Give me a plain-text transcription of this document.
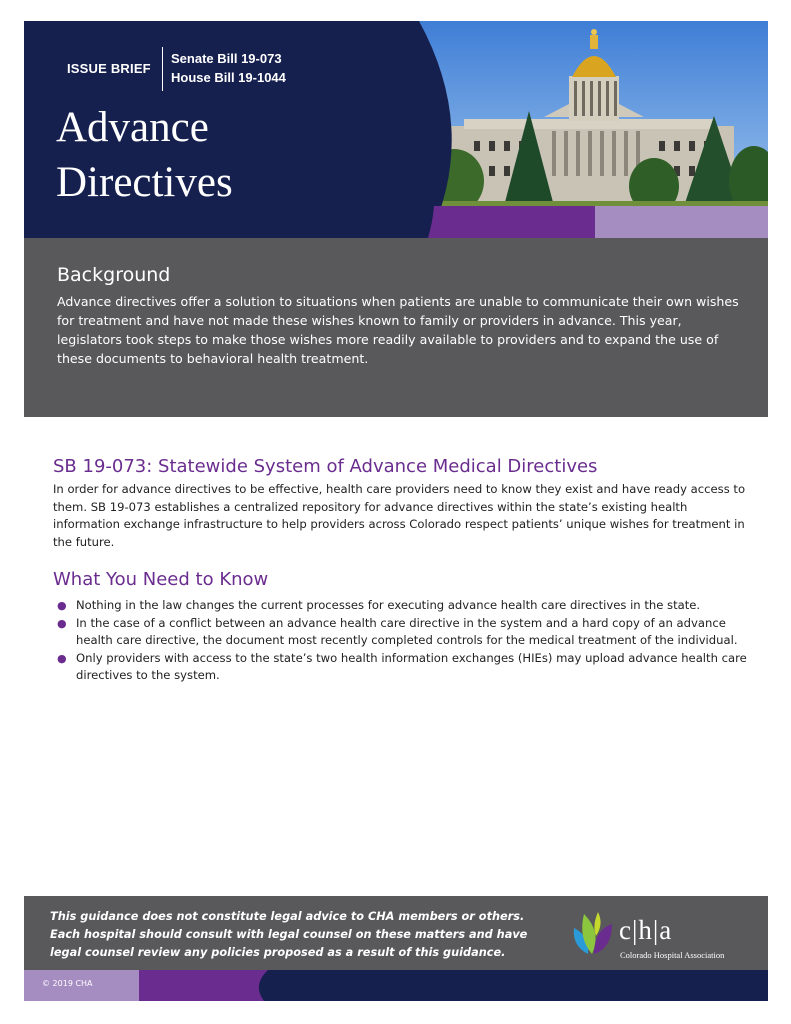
ISSUE BRIEF
Senate Bill 19-073
House Bill 19-1044
Advance
Directives
Background
Advance directives offer a solution to situations when patients are unable to communicate their own wishes for treatment and have not made these wishes known to family or providers in advance. This year, legislators took steps to make those wishes more readily available to providers and to expand the use of these documents to behavioral health treatment.
SB 19-073: Statewide System of Advance Medical Directives
In order for advance directives to be effective, health care providers need to know they exist and have ready access to them. SB 19-073 establishes a centralized repository for advance directives within the state’s existing health information exchange infrastructure to help providers across Colorado respect patients’ unique wishes for treatment in the future.
What You Need to Know
● Nothing in the law changes the current processes for executing advance health care directives in the state.
● In the case of a conflict between an advance health care directive in the system and a hard copy of an advance health care directive, the document most recently completed controls for the medical treatment of the individual.
● Only providers with access to the state’s two health information exchanges (HIEs) may upload advance health care directives to the system.
This guidance does not constitute legal advice to CHA members or others. Each hospital should consult with legal counsel on these matters and have legal counsel review any policies proposed as a result of this guidance.
c|h|a
Colorado Hospital Association
© 2019 CHA
